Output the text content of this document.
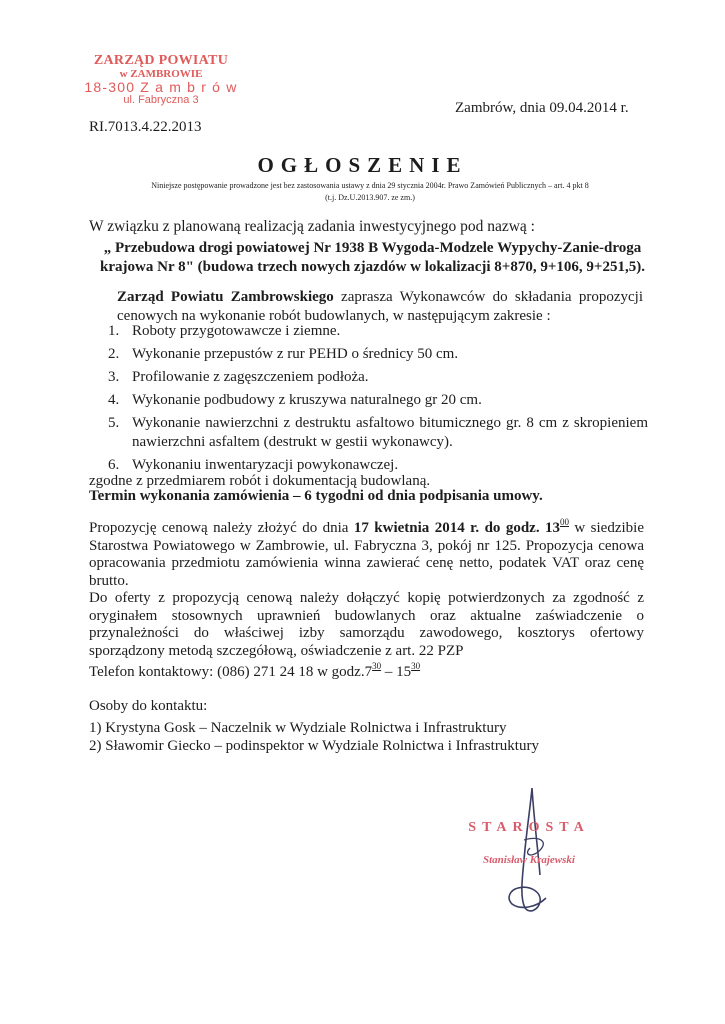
ZARZĄD POWIATU
w ZAMBROWIE
18-300 Z a m b r ó w
ul. Fabryczna 3
Zambrów, dnia 09.04.2014 r.
RI.7013.4.22.2013
OGŁOSZENIE
Niniejsze postępowanie prowadzone jest bez zastosowania ustawy z dnia 29 stycznia 2004r. Prawo Zamówień Publicznych – art. 4 pkt 8
(t.j. Dz.U.2013.907. ze zm.)
W związku z planowaną realizacją zadania inwestycyjnego pod nazwą :
„ Przebudowa drogi powiatowej Nr 1938 B Wygoda-Modzele Wypychy-Zanie-droga
krajowa Nr 8" (budowa trzech nowych zjazdów w lokalizacji 8+870, 9+106, 9+251,5).
Zarząd Powiatu Zambrowskiego zaprasza Wykonawców do składania propozycji cenowych na wykonanie robót budowlanych, w następującym zakresie :
1. Roboty przygotowawcze i ziemne.
2. Wykonanie przepustów z rur PEHD o średnicy 50 cm.
3. Profilowanie z zagęszczeniem podłoża.
4. Wykonanie podbudowy z kruszywa naturalnego gr 20 cm.
5. Wykonanie nawierzchni z destruktu asfaltowo bitumicznego gr. 8 cm z skropieniem nawierzchni asfaltem (destrukt w gestii wykonawcy).
6. Wykonaniu inwentaryzacji powykonawczej.
zgodne z przedmiarem robót i dokumentacją budowlaną.
Termin wykonania zamówienia – 6 tygodni od dnia podpisania umowy.
Propozycję cenową należy złożyć do dnia 17 kwietnia 2014 r. do godz. $13^{00}$ w siedzibie Starostwa Powiatowego w Zambrowie, ul. Fabryczna 3, pokój nr 125. Propozycja cenowa opracowania przedmiotu zamówienia winna zawierać cenę netto, podatek VAT oraz cenę brutto.
Do oferty z propozycją cenową należy dołączyć kopię potwierdzonych za zgodność z oryginałem stosownych uprawnień budowlanych oraz aktualne zaświadczenie o przynależności do właściwej izby samorządu zawodowego, kosztorys ofertowy sporządzony metodą szczegółową, oświadczenie z art. 22 PZP
Telefon kontaktowy: (086) 271 24 18 w $godz.7^{30} - 15^{30}$
Osoby do kontaktu:
1) Krystyna Gosk – Naczelnik w Wydziale Rolnictwa i Infrastruktury
2) Sławomir Giecko – podinspektor w Wydziale Rolnictwa i Infrastruktury
STAROSTA
Stanisław Krajewski
